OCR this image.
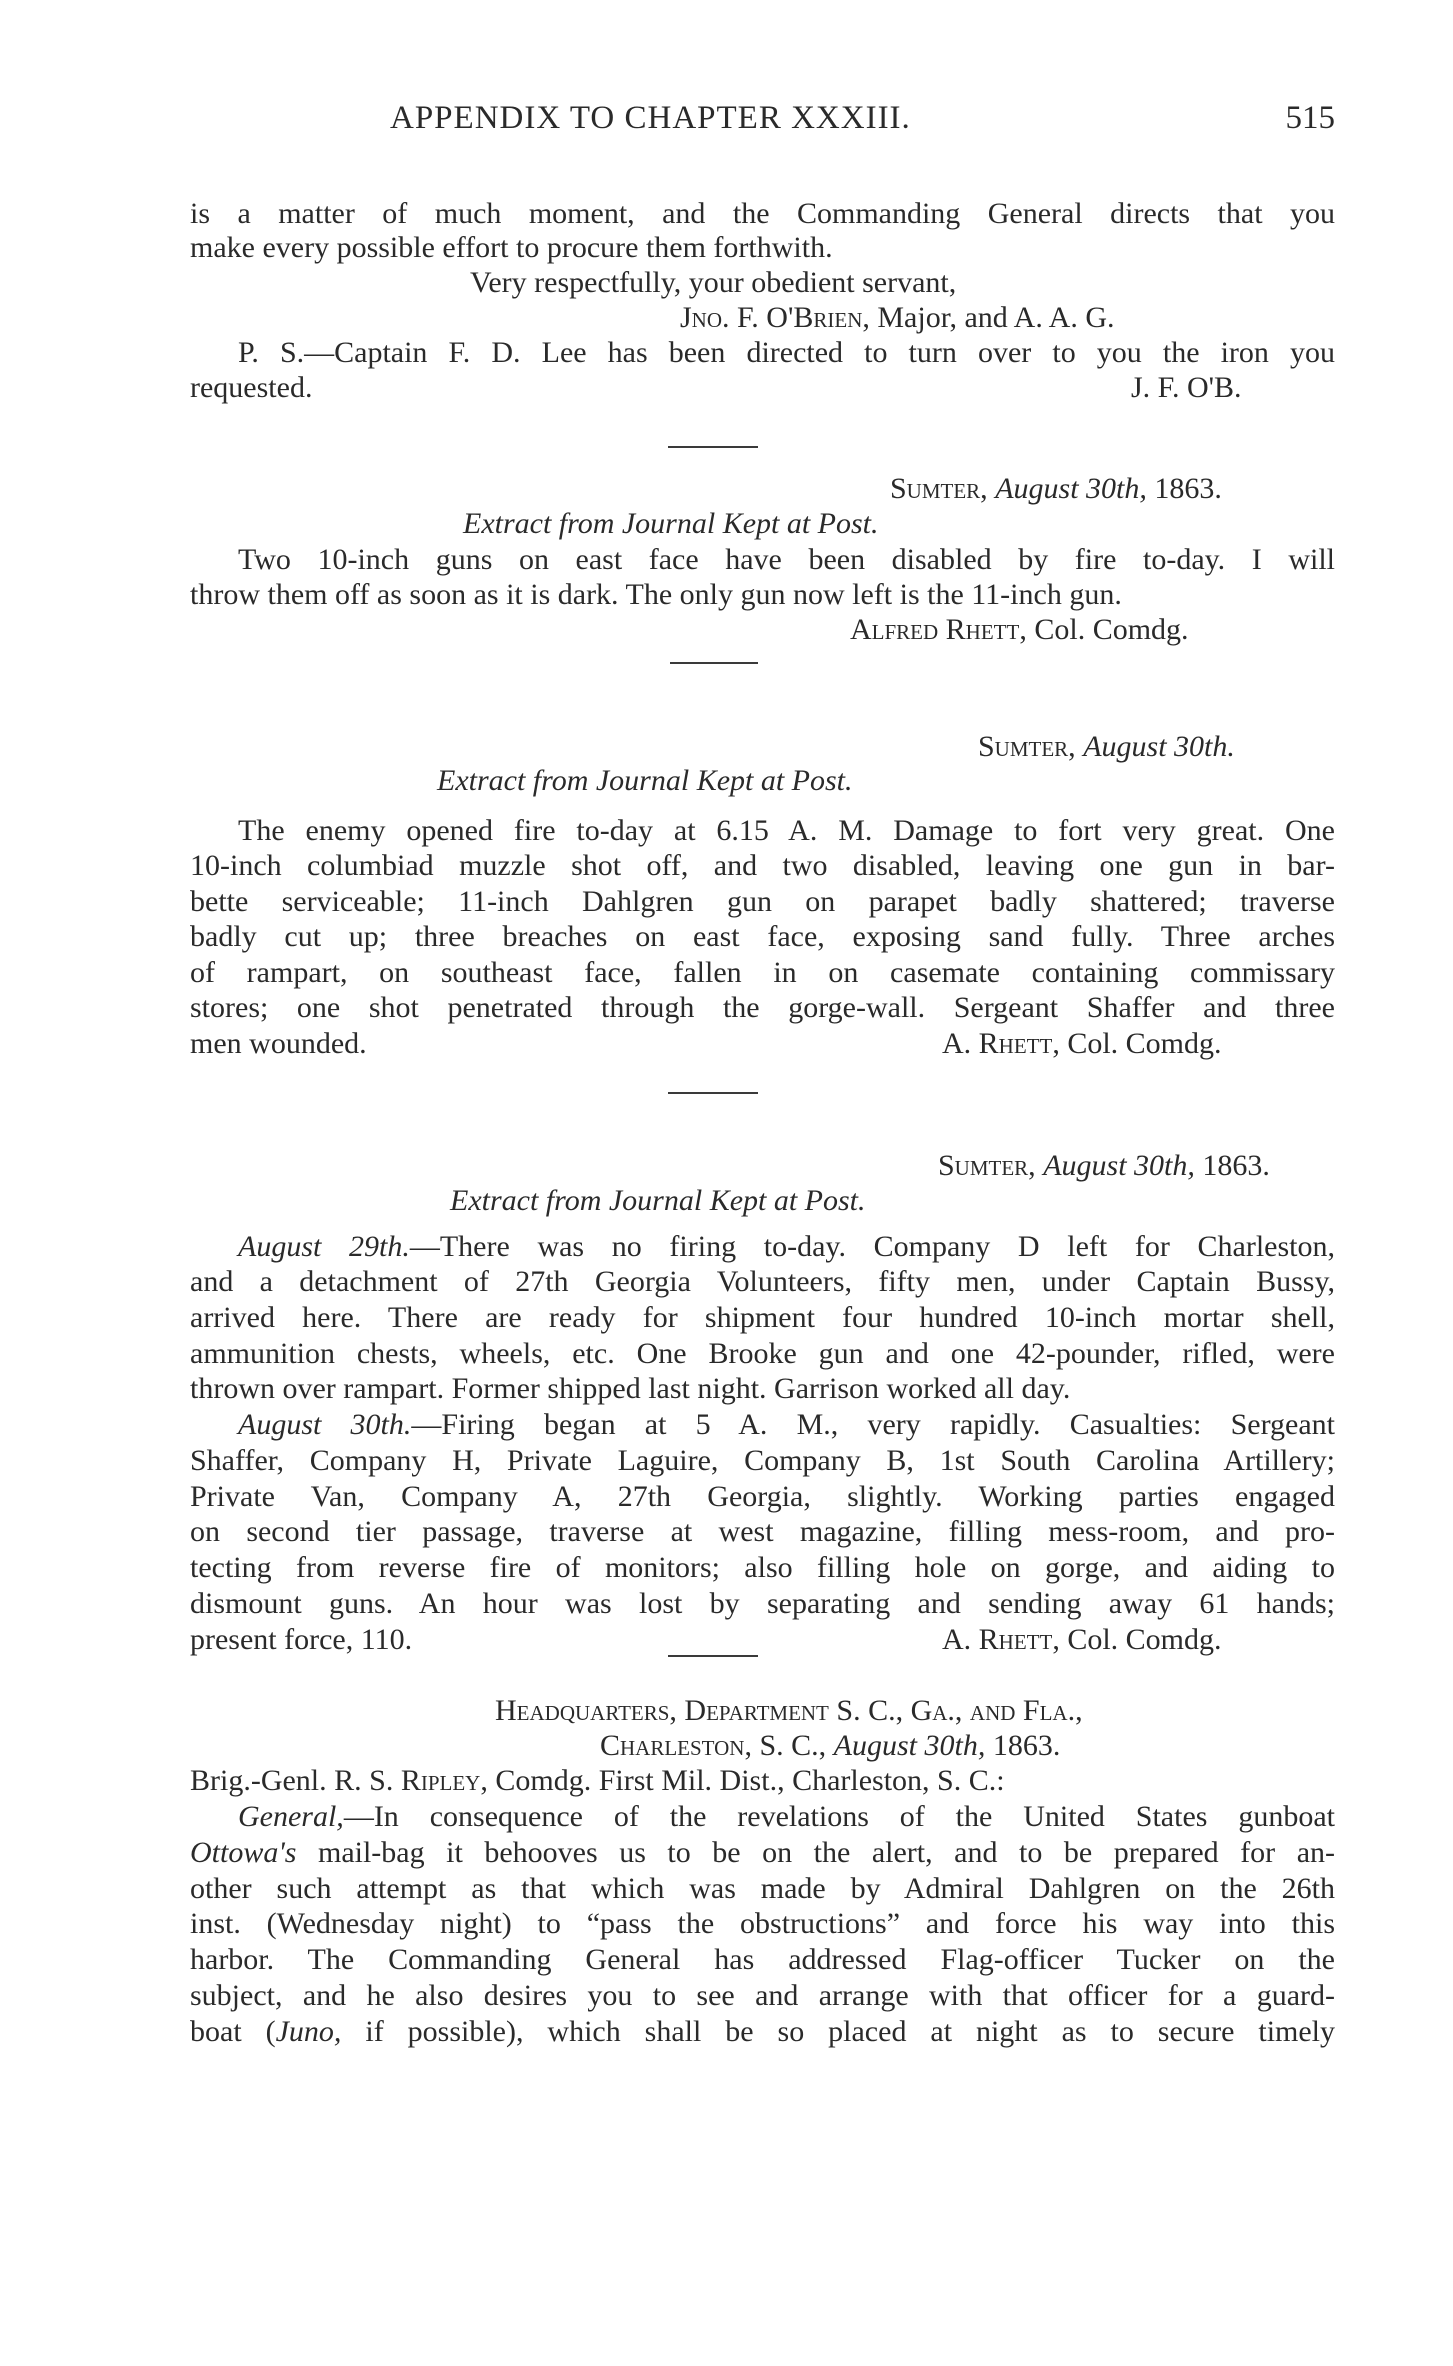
APPENDIX TO CHAPTER XXXIII.	515
is a matter of much moment, and the Commanding General directs that you
make every possible effort to procure them forthwith.
Very respectfully, your obedient servant,
Jno. F. O'Brien, Major, and A. A. G.
P. S.—Captain F. D. Lee has been directed to turn over to you the iron you
requested.	J. F. O'B.
Sumter, August 30th, 1863.
Extract from Journal Kept at Post.
Two 10-inch guns on east face have been disabled by fire to-day. I will
throw them off as soon as it is dark. The only gun now left is the 11-inch gun.
Alfred Rhett, Col. Comdg.
Sumter, August 30th.
Extract from Journal Kept at Post.
The enemy opened fire to-day at 6.15 A. M. Damage to fort very great. One
10-inch columbiad muzzle shot off, and two disabled, leaving one gun in bar-
bette serviceable; 11-inch Dahlgren gun on parapet badly shattered; traverse
badly cut up; three breaches on east face, exposing sand fully. Three arches
of rampart, on southeast face, fallen in on casemate containing commissary
stores; one shot penetrated through the gorge-wall. Sergeant Shaffer and three
men wounded.	A. Rhett, Col. Comdg.
Sumter, August 30th, 1863.
Extract from Journal Kept at Post.
August 29th.—There was no firing to-day. Company D left for Charleston,
and a detachment of 27th Georgia Volunteers, fifty men, under Captain Bussy,
arrived here. There are ready for shipment four hundred 10-inch mortar shell,
ammunition chests, wheels, etc. One Brooke gun and one 42-pounder, rifled, were
thrown over rampart. Former shipped last night. Garrison worked all day.
August 30th.—Firing began at 5 A. M., very rapidly. Casualties: Sergeant
Shaffer, Company H, Private Laguire, Company B, 1st South Carolina Artillery;
Private Van, Company A, 27th Georgia, slightly. Working parties engaged
on second tier passage, traverse at west magazine, filling mess-room, and pro-
tecting from reverse fire of monitors; also filling hole on gorge, and aiding to
dismount guns. An hour was lost by separating and sending away 61 hands;
present force, 110.	A. Rhett, Col. Comdg.
Headquarters, Department S. C., Ga., and Fla.,
Charleston, S. C., August 30th, 1863.
Brig.-Genl. R. S. Ripley, Comdg. First Mil. Dist., Charleston, S. C.:
General,—In consequence of the revelations of the United States gunboat
Ottowa's mail-bag it behooves us to be on the alert, and to be prepared for an-
other such attempt as that which was made by Admiral Dahlgren on the 26th
inst. (Wednesday night) to “pass the obstructions” and force his way into this
harbor. The Commanding General has addressed Flag-officer Tucker on the
subject, and he also desires you to see and arrange with that officer for a guard-
boat (Juno, if possible), which shall be so placed at night as to secure timely
